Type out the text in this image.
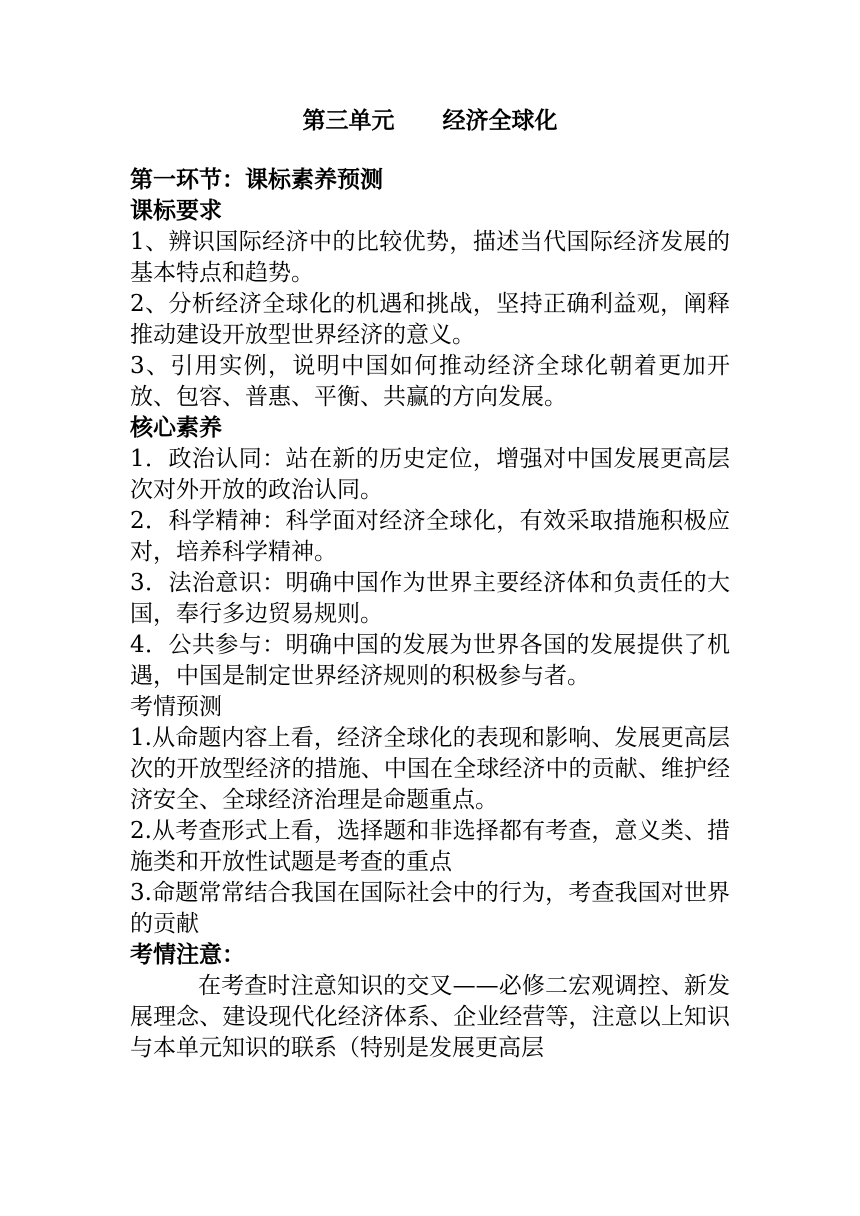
第三单元      经济全球化
第一环节：课标素养预测
课标要求

1、辨识国际经济中的比较优势，描述当代国际经济发展的基本特点和趋势。

2、分析经济全球化的机遇和挑战，坚持正确利益观，阐释推动建设开放型世界经济的意义。

3、引用实例，说明中国如何推动经济全球化朝着更加开放、包容、普惠、平衡、共赢的方向发展。

核心素养

1．政治认同：站在新的历史定位，增强对中国发展更高层次对外开放的政治认同。

2．科学精神：科学面对经济全球化，有效采取措施积极应对，培养科学精神。

3．法治意识：明确中国作为世界主要经济体和负责任的大国，奉行多边贸易规则。

4．公共参与：明确中国的发展为世界各国的发展提供了机遇，中国是制定世界经济规则的积极参与者。

考情预测

1.从命题内容上看，经济全球化的表现和影响、发展更高层次的开放型经济的措施、中国在全球经济中的贡献、维护经济安全、全球经济治理是命题重点。

2.从考查形式上看，选择题和非选择都有考查，意义类、措施类和开放性试题是考查的重点

3.命题常常结合我国在国际社会中的行为，考查我国对世界的贡献

考情注意：

在考查时注意知识的交叉——必修二宏观调控、新发展理念、建设现代化经济体系、企业经营等，注意以上知识与本单元知识的联系（特别是发展更高层
